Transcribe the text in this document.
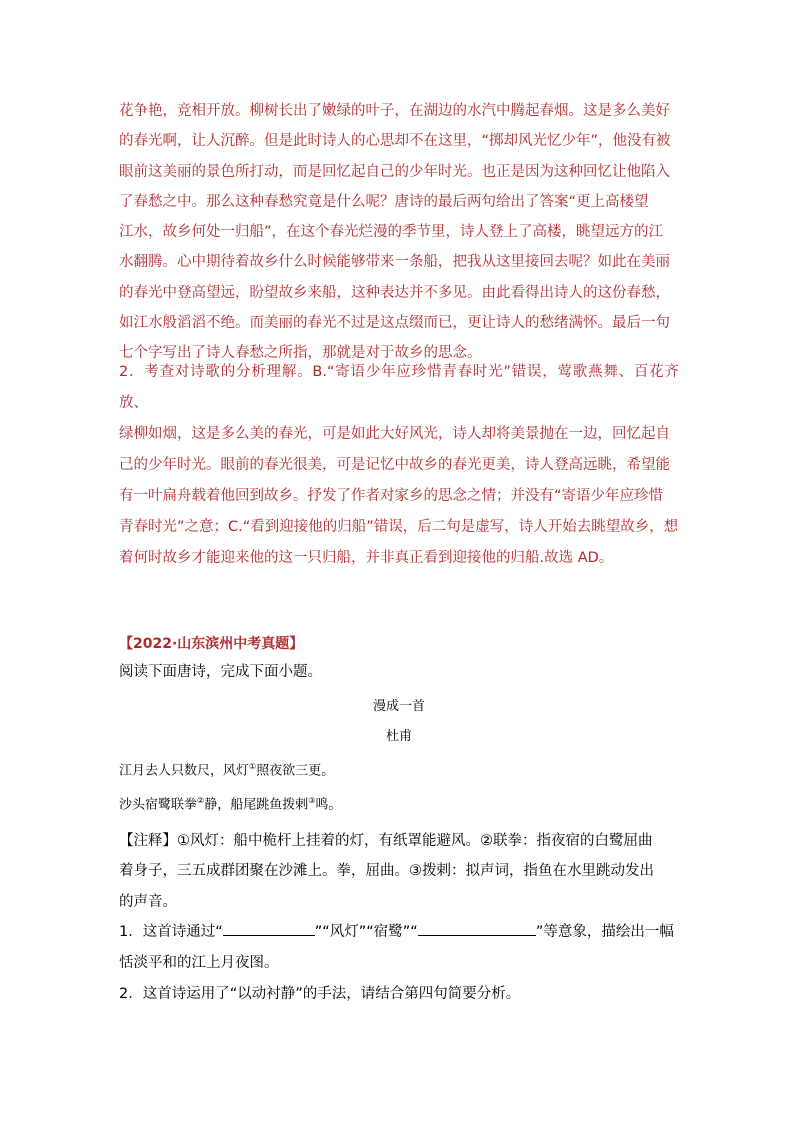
花争艳，竞相开放。柳树长出了嫩绿的叶子，在湖边的水汽中腾起春烟。这是多么美好

的春光啊，让人沉醉。但是此时诗人的心思却不在这里，“掷却风光忆少年”，他没有被

眼前这美丽的景色所打动，而是回忆起自己的少年时光。也正是因为这种回忆让他陷入

了春愁之中。那么这种春愁究竟是什么呢？唐诗的最后两句给出了答案“更上高楼望

江水，故乡何处一归船”，在这个春光烂漫的季节里，诗人登上了高楼，眺望远方的江

水翻腾。心中期待着故乡什么时候能够带来一条船，把我从这里接回去呢？如此在美丽

的春光中登高望远，盼望故乡来船，这种表达并不多见。由此看得出诗人的这份春愁，

如江水般滔滔不绝。而美丽的春光不过是这点缀而已，更让诗人的愁绪满怀。最后一句

七个字写出了诗人春愁之所指，那就是对于故乡的思念。

2．考查对诗歌的分析理解。B.“寄语少年应珍惜青春时光”错误，莺歌燕舞、百花齐放、

绿柳如烟，这是多么美的春光，可是如此大好风光，诗人却将美景抛在一边，回忆起自

己的少年时光。眼前的春光很美，可是记忆中故乡的春光更美，诗人登高远眺，希望能

有一叶扁舟载着他回到故乡。抒发了作者对家乡的思念之情；并没有“寄语少年应珍惜

青春时光”之意；C.“看到迎接他的归船”错误，后二句是虚写，诗人开始去眺望故乡，想

着何时故乡才能迎来他的这一只归船，并非真正看到迎接他的归船.故选 AD。

【2022·山东滨州中考真题】
阅读下面唐诗，完成下面小题。
漫成一首
杜甫
江月去人只数尺，风灯①照夜欲三更。
沙头宿鹭联拳②静，船尾跳鱼拨剌③鸣。
【注释】①风灯：船中桅杆上挂着的灯，有纸罩能避风。②联拳：指夜宿的白鹭屈曲
着身子，三五成群团聚在沙滩上。拳，屈曲。③拨剌：拟声词，指鱼在水里跳动发出
的声音。

1．这首诗通过“	”“风灯”“宿鹭”“	”等意象，描绘出一幅

恬淡平和的江上月夜图。

2．这首诗运用了“以动衬静”的手法，请结合第四句简要分析。
